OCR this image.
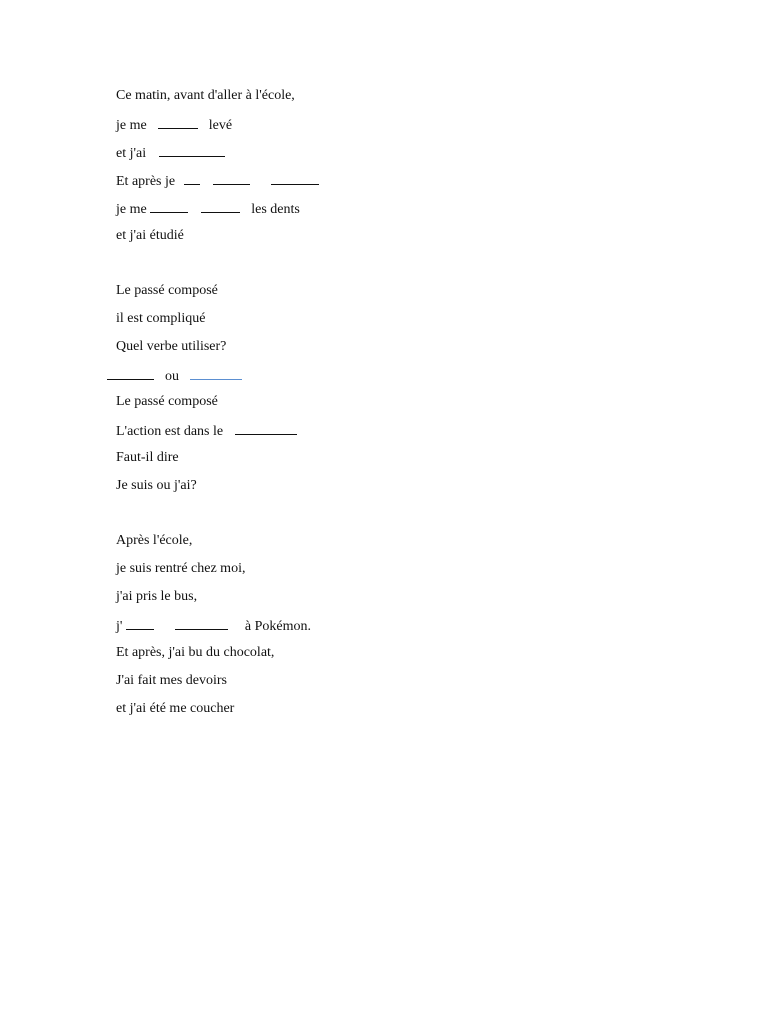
Ce matin, avant d'aller à l'école,
je me	levé
et j'ai
Et après je
je me	les dents
et j'ai étudié
Le passé composé
il est compliqué
Quel verbe utiliser?
ou
Le passé composé
L'action est dans le
Faut-il dire
Je suis ou j'ai?
Après l'école,
je suis rentré chez moi,
j'ai pris le bus,
j'	à Pokémon.
Et après, j'ai bu du chocolat,
J'ai fait mes devoirs
et j'ai été me coucher
